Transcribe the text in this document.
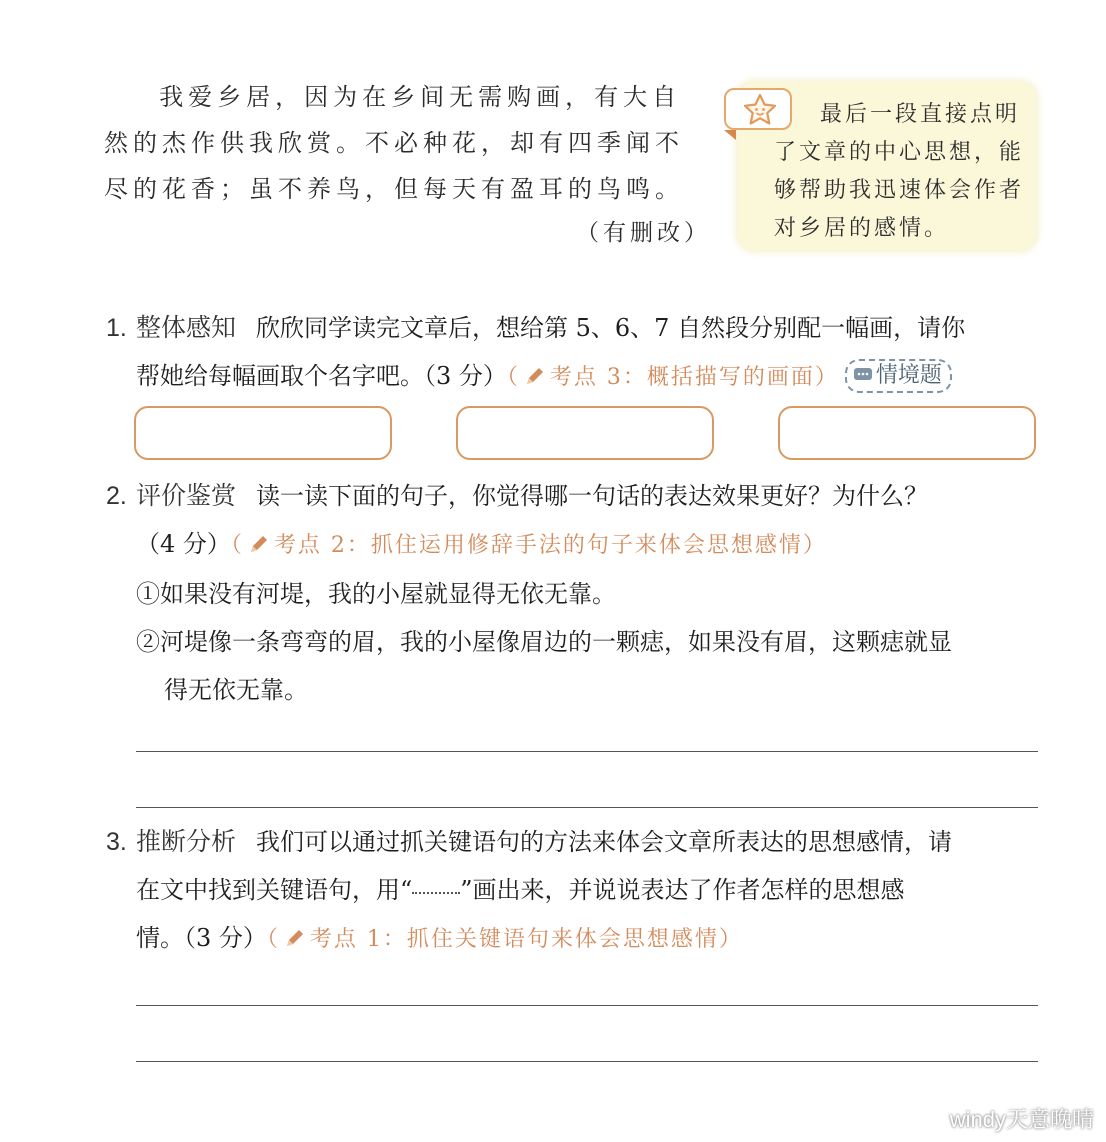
我爱乡居，因为在乡间无需购画，有大自然的杰作供我欣赏。不必种花，却有四季闻不尽的花香；虽不养鸟，但每天有盈耳的鸟鸣。

（有删改）
最后一段直接点明了文章的中心思想，能够帮助我迅速体会作者对乡居的感情。
1. 整体感知 欣欣同学读完文章后，想给第 5、6、7 自然段分别配一幅画，请你
帮她给每幅画取个名字吧。（3 分）（ 考点 3：概括描写的画面） 情境题
2. 评价鉴赏 读一读下面的句子，你觉得哪一句话的表达效果更好？为什么？
（4 分）（ 考点 2：抓住运用修辞手法的句子来体会思想感情）
①如果没有河堤，我的小屋就显得无依无靠。
②河堤像一条弯弯的眉，我的小屋像眉边的一颗痣，如果没有眉，这颗痣就显
得无依无靠。
3. 推断分析 我们可以通过抓关键语句的方法来体会文章所表达的思想感情，请
在文中找到关键语句，用“ ”画出来，并说说表达了作者怎样的思想感
情。（3 分）（ 考点 1：抓住关键语句来体会思想感情）
windy天意晚晴
